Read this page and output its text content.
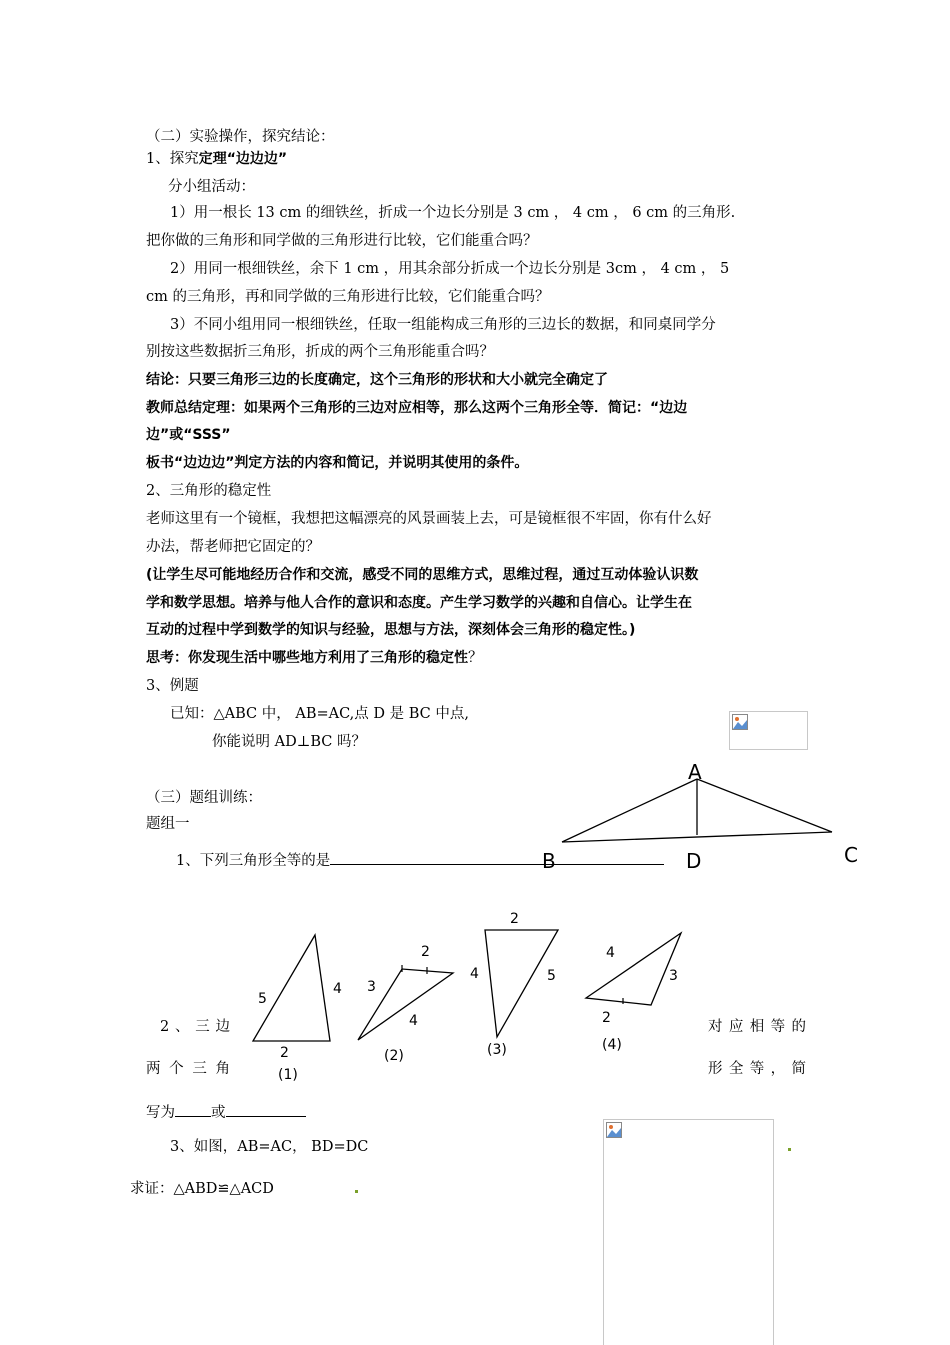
（二）实验操作，探究结论：
1、探究定理“边边边”
分小组活动：
1）用一根长 13 cm 的细铁丝，折成一个边长分别是 3 cm ， 4 cm ， 6 cm 的三角形.
把你做的三角形和同学做的三角形进行比较，它们能重合吗？
2）用同一根细铁丝，余下 1 cm ，用其余部分折成一个边长分别是 3cm ， 4 cm ， 5
cm 的三角形，再和同学做的三角形进行比较，它们能重合吗？
3）不同小组用同一根细铁丝，任取一组能构成三角形的三边长的数据，和同桌同学分
别按这些数据折三角形，折成的两个三角形能重合吗？
结论：只要三角形三边的长度确定，这个三角形的形状和大小就完全确定了
教师总结定理：如果两个三角形的三边对应相等，那么这两个三角形全等．简记：“边边
边”或“SSS”
板书“边边边”判定方法的内容和简记，并说明其使用的条件。
2、三角形的稳定性
老师这里有一个镜框，我想把这幅漂亮的风景画装上去，可是镜框很不牢固，你有什么好
办法，帮老师把它固定的？
(让学生尽可能地经历合作和交流，感受不同的思维方式，思维过程，通过互动体验认识数
学和数学思想。培养与他人合作的意识和态度。产生学习数学的兴趣和自信心。让学生在
互动的过程中学到数学的知识与经验，思想与方法，深刻体会三角形的稳定性。)
思考：你发现生活中哪些地方利用了三角形的稳定性？
3、例题
已知：△ABC 中， AB=AC,点 D 是 BC 中点,
你能说明 AD⊥BC 吗？
A
B	C
D
（三）题组训练：
题组一
1、下列三角形全等的是
5
4
2
(1)
3
2
4
(2)
2
4	5
(3)
4
3
2
(4)
2、三边	对应相等的
两个三角	形全等，简
写为 或
3、如图，AB=AC， BD=DC
求证：△ABD≌△ACD
